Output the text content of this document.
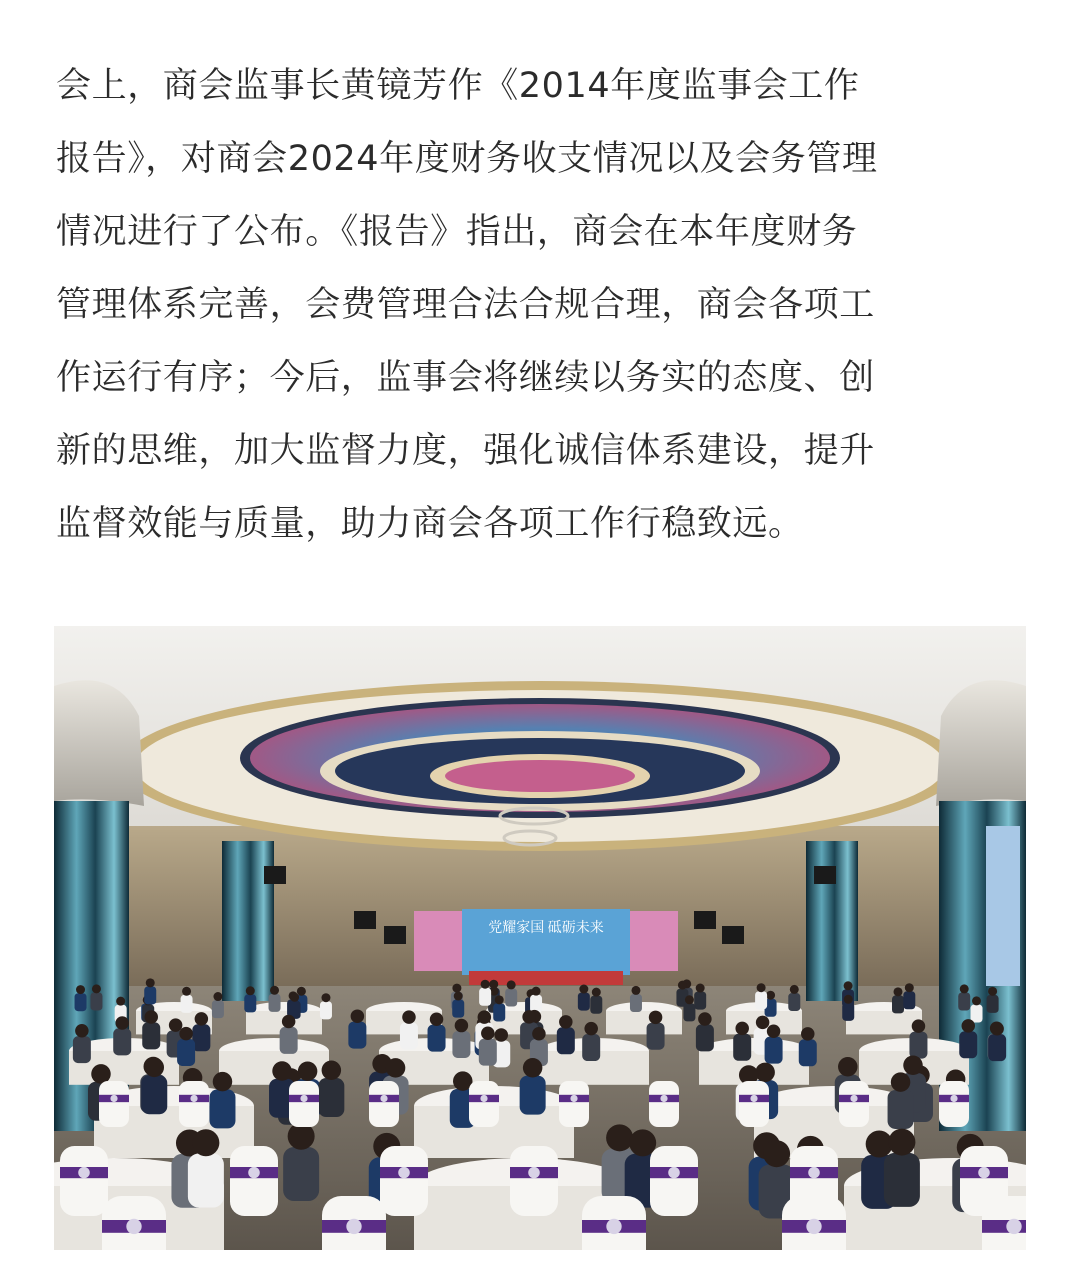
会上，商会监事长黄镜芳作《2014年度监事会工作
报告》，对商会2024年度财务收支情况以及会务管理
情况进行了公布。《报告》指出，商会在本年度财务
管理体系完善，会费管理合法合规合理，商会各项工
作运行有序；今后，监事会将继续以务实的态度、创
新的思维，加大监督力度，强化诚信体系建设，提升
监督效能与质量，助力商会各项工作行稳致远。

党耀家国 砥砺未来
